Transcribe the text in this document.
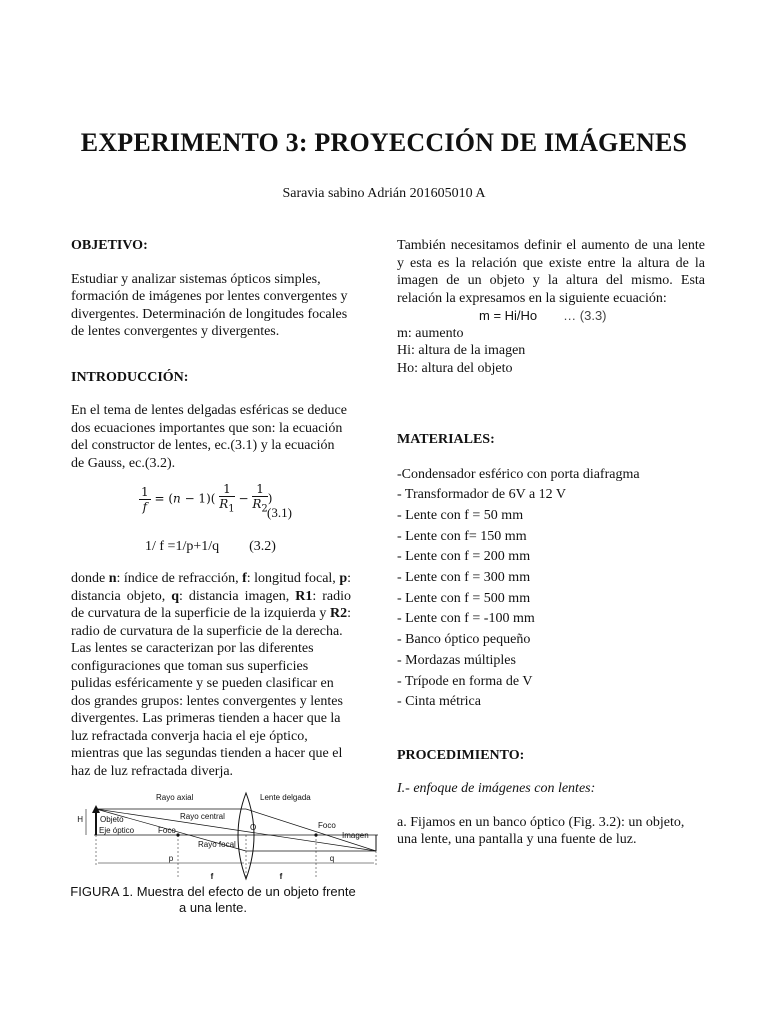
EXPERIMENTO 3: PROYECCIÓN DE IMÁGENES
Saravia sabino Adrián 201605010 A

OBJETIVO:

Estudiar y analizar sistemas ópticos simples, formación de imágenes por lentes convergentes y divergentes. Determinación de longitudes focales de lentes convergentes y divergentes.

INTRODUCCIÓN:

En el tema de lentes delgadas esféricas se deduce dos ecuaciones importantes que son: la ecuación del constructor de lentes, ec.(3.1) y la ecuación de Gauss, ec.(3.2).

$\frac{1}{f} = (n - 1)( \frac{1}{R_1} - \frac{1}{R_2}$ )
(3.1)
1/ f =1/p+1/q (3.2)

donde n: índice de refracción, f: longitud focal, p: distancia objeto, q: distancia imagen, R1: radio de curvatura de la superficie de la izquierda y R2: radio de curvatura de la superficie de la derecha.

Las lentes se caracterizan por las diferentes configuraciones que toman sus superficies pulidas esféricamente y se pueden clasificar en dos grandes grupos: lentes convergentes y lentes divergentes. Las primeras tienden a hacer que la luz refractada converja hacia el eje óptico, mientras que las segundas tienden a hacer que el haz de luz refractada diverja.

H
p	q
f	f
Rayo axial	Lente delgada
Rayo central
Objeto
Eje óptico	Foco	O	Foco
Imagen
Rayo focal
FIGURA 1. Muestra del efecto de un objeto frente a una lente.

También necesitamos definir el aumento de una lente y esta es la relación que existe entre la altura de la imagen de un objeto y la altura del mismo. Esta relación la expresamos en la siguiente ecuación:

m = Hi/Ho … (3.3)

m: aumento

Hi: altura de la imagen

Ho: altura del objeto

MATERIALES:

-Condensador esférico con porta diafragma
- Transformador de 6V a 12 V
- Lente con f = 50 mm
- Lente con f= 150 mm
- Lente con f = 200 mm
- Lente con f = 300 mm
- Lente con f = 500 mm
- Lente con f = -100 mm
- Banco óptico pequeño
- Mordazas múltiples
- Trípode en forma de V
- Cinta métrica

PROCEDIMIENTO:

I.- enfoque de imágenes con lentes:

a. Fijamos en un banco óptico (Fig. 3.2): un objeto, una lente, una pantalla y una fuente de luz.
